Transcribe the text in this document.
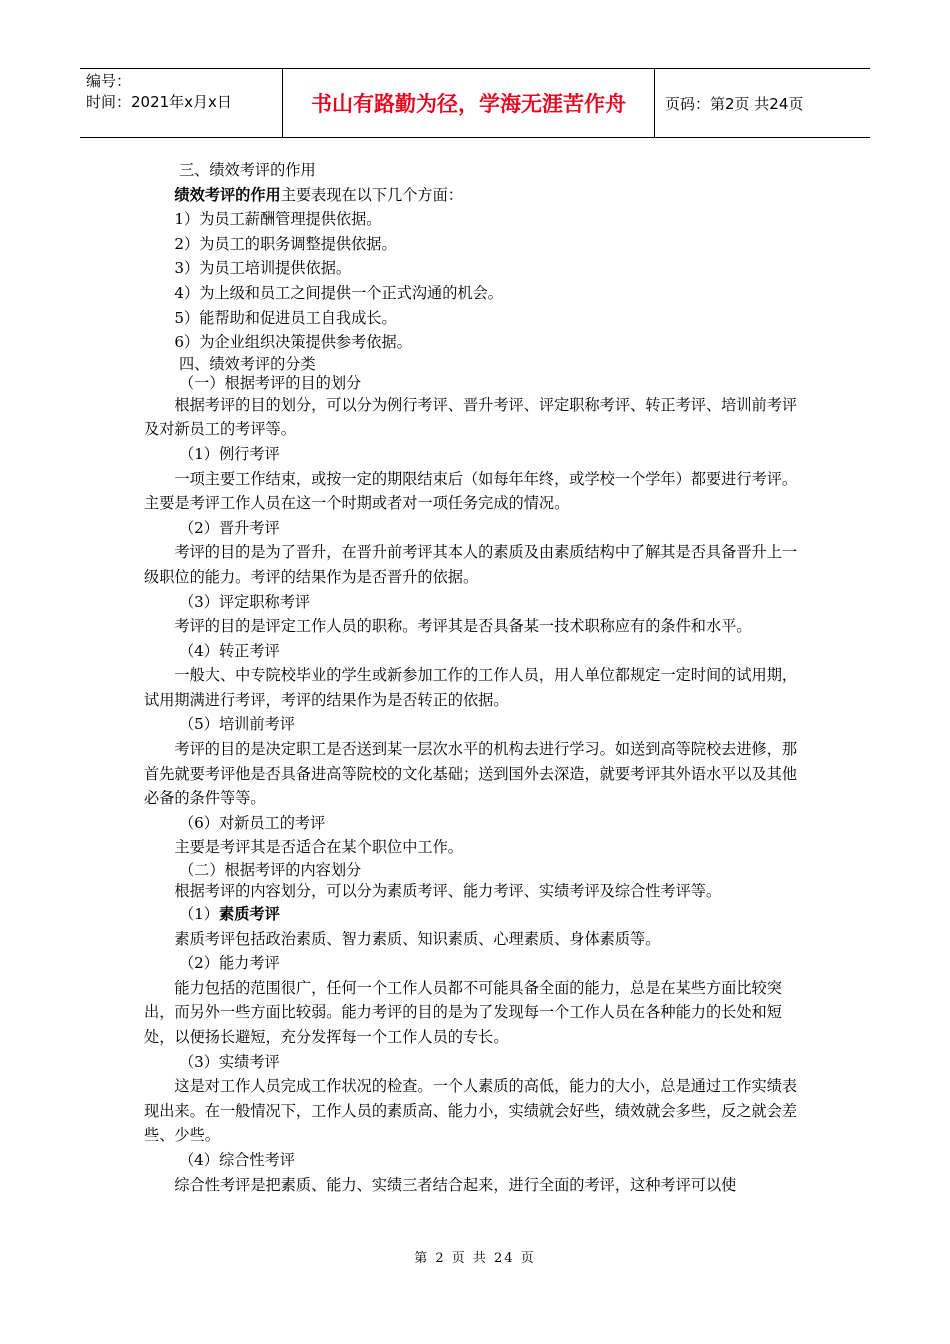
编号：
时间：2021年x月x日	书山有路勤为径，学海无涯苦作舟	页码：第2页 共24页
三、绩效考评的作用
绩效考评的作用主要表现在以下几个方面：
1）为员工薪酬管理提供依据。
2）为员工的职务调整提供依据。
3）为员工培训提供依据。
4）为上级和员工之间提供一个正式沟通的机会。
5）能帮助和促进员工自我成长。
6）为企业组织决策提供参考依据。
四、绩效考评的分类
（一）根据考评的目的划分
根据考评的目的划分，可以分为例行考评、晋升考评、评定职称考评、转正考评、培训前考评及对新员工的考评等。
（1）例行考评
一项主要工作结束，或按一定的期限结束后（如每年年终，或学校一个学年）都要进行考评。主要是考评工作人员在这一个时期或者对一项任务完成的情况。
（2）晋升考评
考评的目的是为了晋升，在晋升前考评其本人的素质及由素质结构中了解其是否具备晋升上一级职位的能力。考评的结果作为是否晋升的依据。
（3）评定职称考评
考评的目的是评定工作人员的职称。考评其是否具备某一技术职称应有的条件和水平。
（4）转正考评
一般大、中专院校毕业的学生或新参加工作的工作人员，用人单位都规定一定时间的试用期，试用期满进行考评，考评的结果作为是否转正的依据。
（5）培训前考评
考评的目的是决定职工是否送到某一层次水平的机构去进行学习。如送到高等院校去进修，那首先就要考评他是否具备进高等院校的文化基础；送到国外去深造，就要考评其外语水平以及其他必备的条件等等。
（6）对新员工的考评
主要是考评其是否适合在某个职位中工作。
（二）根据考评的内容划分
根据考评的内容划分，可以分为素质考评、能力考评、实绩考评及综合性考评等。
（1）素质考评
素质考评包括政治素质、智力素质、知识素质、心理素质、身体素质等。
（2）能力考评
能力包括的范围很广，任何一个工作人员都不可能具备全面的能力，总是在某些方面比较突出，而另外一些方面比较弱。能力考评的目的是为了发现每一个工作人员在各种能力的长处和短处，以便扬长避短，充分发挥每一个工作人员的专长。
（3）实绩考评
这是对工作人员完成工作状况的检查。一个人素质的高低，能力的大小，总是通过工作实绩表现出来。在一般情况下，工作人员的素质高、能力小，实绩就会好些，绩效就会多些，反之就会差些、少些。
（4）综合性考评
综合性考评是把素质、能力、实绩三者结合起来，进行全面的考评，这种考评可以使
第 2 页 共 24 页
